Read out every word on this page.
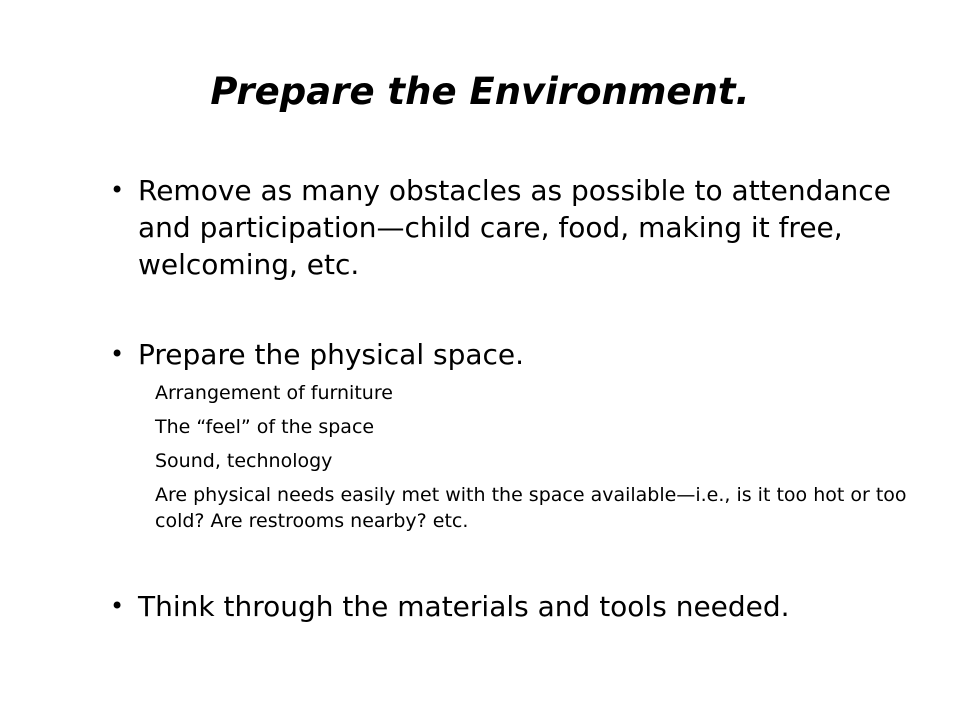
Prepare the Environment.
• Remove as many obstacles as possible to attendance and participation—child care, food, making it free, welcoming, etc.
• Prepare the physical space.
Arrangement of furniture
The “feel” of the space
Sound, technology
Are physical needs easily met with the space available—i.e., is it too hot or too cold? Are restrooms nearby? etc.
• Think through the materials and tools needed.
